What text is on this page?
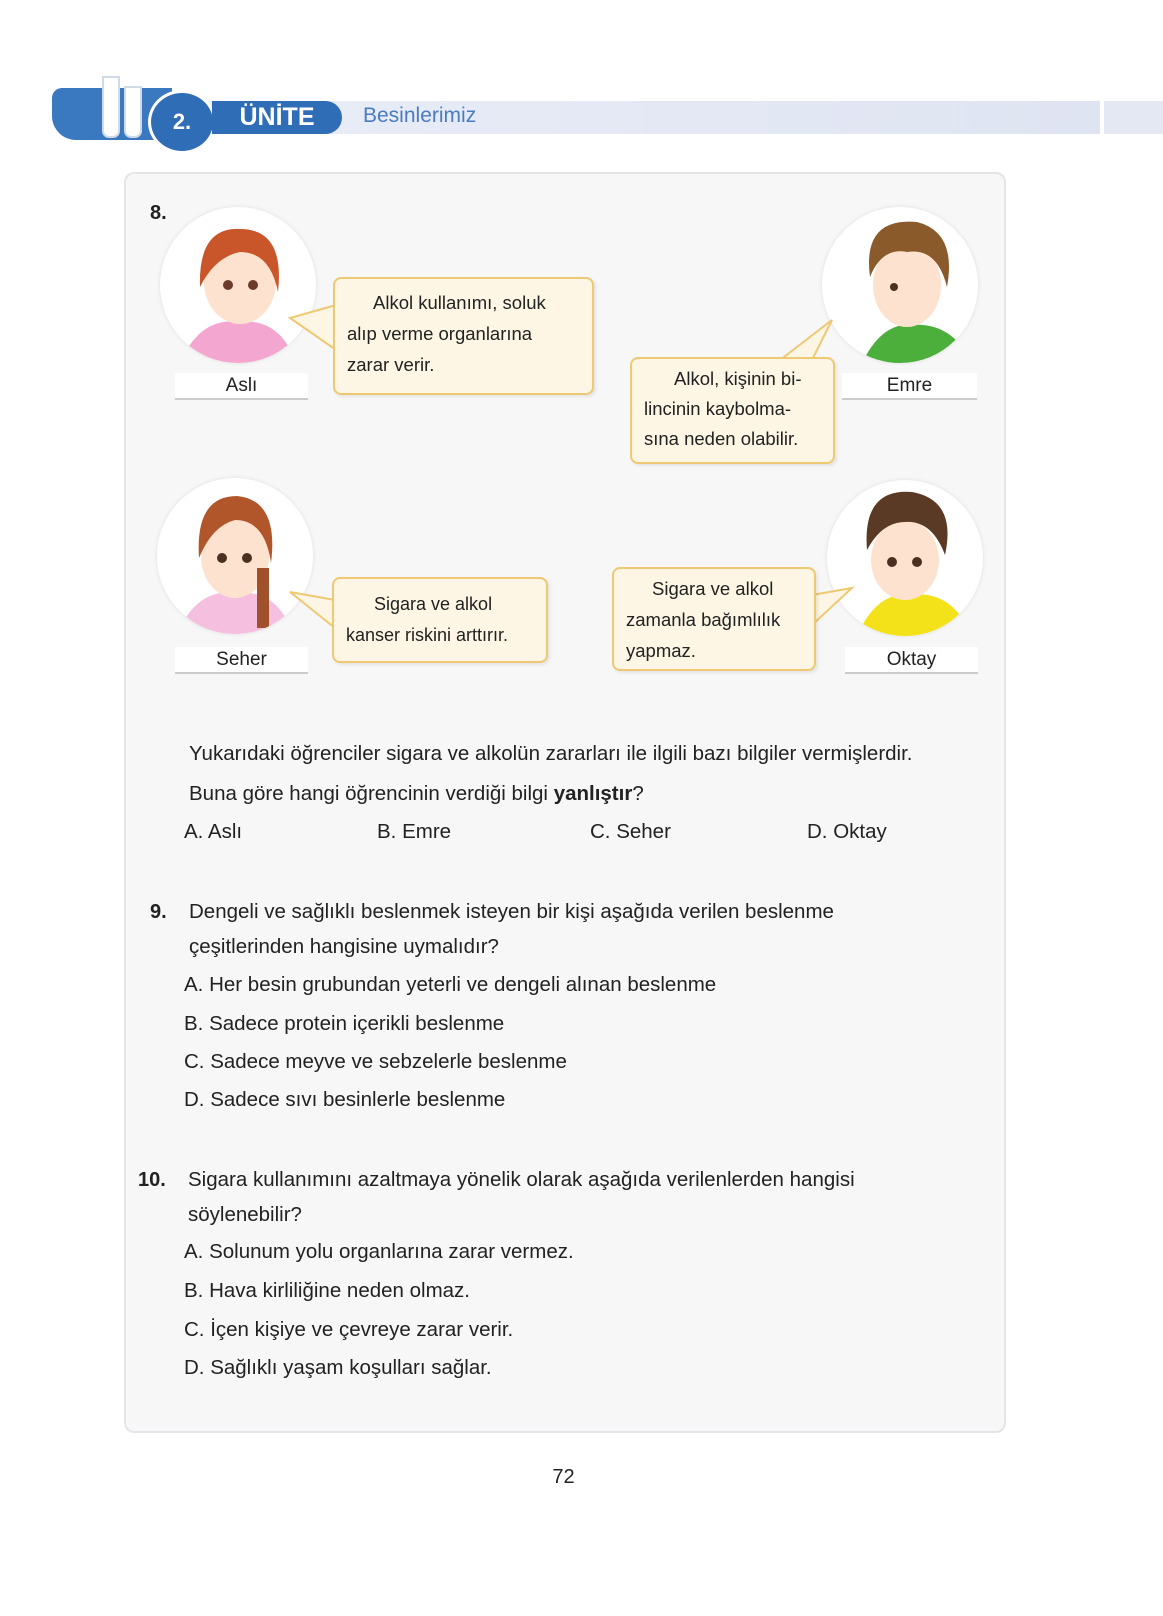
2.	ÜNİTE	Besinlerimiz
8.
Aslı	Emre
Seher	Oktay
Alkol kullanımı, soluk
alıp verme organlarına
zarar verir.
Alkol, kişinin bi-
lincinin kaybolma-
sına neden olabilir.
Sigara ve alkol
kanser riskini arttırır.
Sigara ve alkol
zamanla bağımlılık
yapmaz.
Yukarıdaki öğrenciler sigara ve alkolün zararları ile ilgili bazı bilgiler vermişlerdir.
Buna göre hangi öğrencinin verdiği bilgi yanlıştır?
A. Aslı	B. Emre	C. Seher	D. Oktay
9. Dengeli ve sağlıklı beslenmek isteyen bir kişi aşağıda verilen beslenme
çeşitlerinden hangisine uymalıdır?
A. Her besin grubundan yeterli ve dengeli alınan beslenme
B. Sadece protein içerikli beslenme
C. Sadece meyve ve sebzelerle beslenme
D. Sadece sıvı besinlerle beslenme
10. Sigara kullanımını azaltmaya yönelik olarak aşağıda verilenlerden hangisi
söylenebilir?
A. Solunum yolu organlarına zarar vermez.
B. Hava kirliliğine neden olmaz.
C. İçen kişiye ve çevreye zarar verir.
D. Sağlıklı yaşam koşulları sağlar.
72
